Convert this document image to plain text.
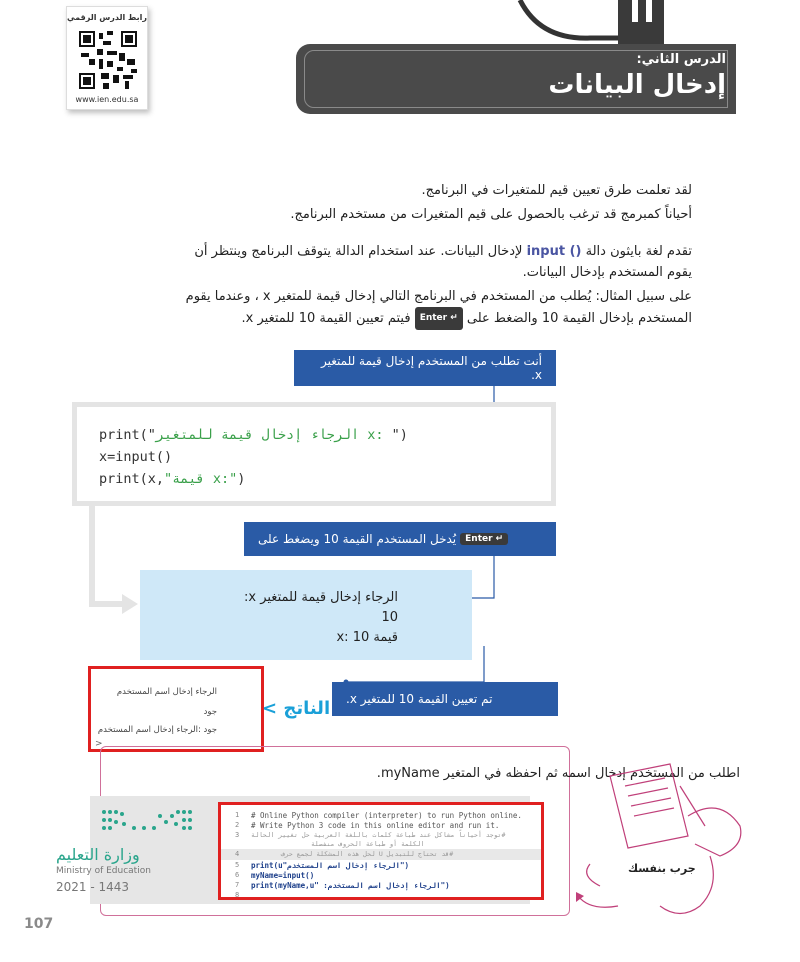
رابط الدرس الرقمي
www.ien.edu.sa
الدرس الثاني:
إدخال البيانات
لقد تعلمت طرق تعيين قيم للمتغيرات في البرنامج.
أحياناً كمبرمج قد ترغب بالحصول على قيم المتغيرات من مستخدم البرنامج.
تقدم لغة بايثون دالة input () لإدخال البيانات. عند استخدام الدالة يتوقف البرنامج وينتظر أن
يقوم المستخدم بإدخال البيانات.
على سبيل المثال: يُطلب من المستخدم في البرنامج التالي إدخال قيمة للمتغير x ، وعندما يقوم
المستخدم بإدخال القيمة 10 والضغط على Enter ↵ فيتم تعيين القيمة 10 للمتغير x.
أنت تطلب من المستخدم إدخال قيمة للمتغير x.
print("الرجاء إدخال قيمة للمتغير x: ")
x=input()
print(x,"قيمة x:")
Enter ↵
يُدخل المستخدم القيمة 10 ويضغط على
الرجاء إدخال قيمة للمتغير x:
10
قيمة x: 10
تم تعيين القيمة 10 للمتغير x.
الرجاء إدخال اسم المستخدم
جود
جود :الرجاء إدخال اسم المستخدم
>
الناتج >
اطلب من المستخدم إدخال اسمه ثم احفظه في المتغير myName.
1 # Online Python compiler (interpreter) to run Python online.
2 # Write Python 3 code in this online editor and run it.
3 #توجد أحياناً مشاكل عند طباعة كلمات باللغة العربية حل تغيير الحالة
الكلمة أو طباعة الحروف منفصلة
4	#قد تحتاج للتبديل U لحل هذه المشكلة لجمع حرف
5 print(u"الرجاء إدخال اسم المستخدم")
6 myName=input()
7 print(myName,u" :الرجاء إدخال اسم المستخدم")
8
جرب بنفسك
وزارة التعليم
Ministry of Education
2021 - 1443
107
